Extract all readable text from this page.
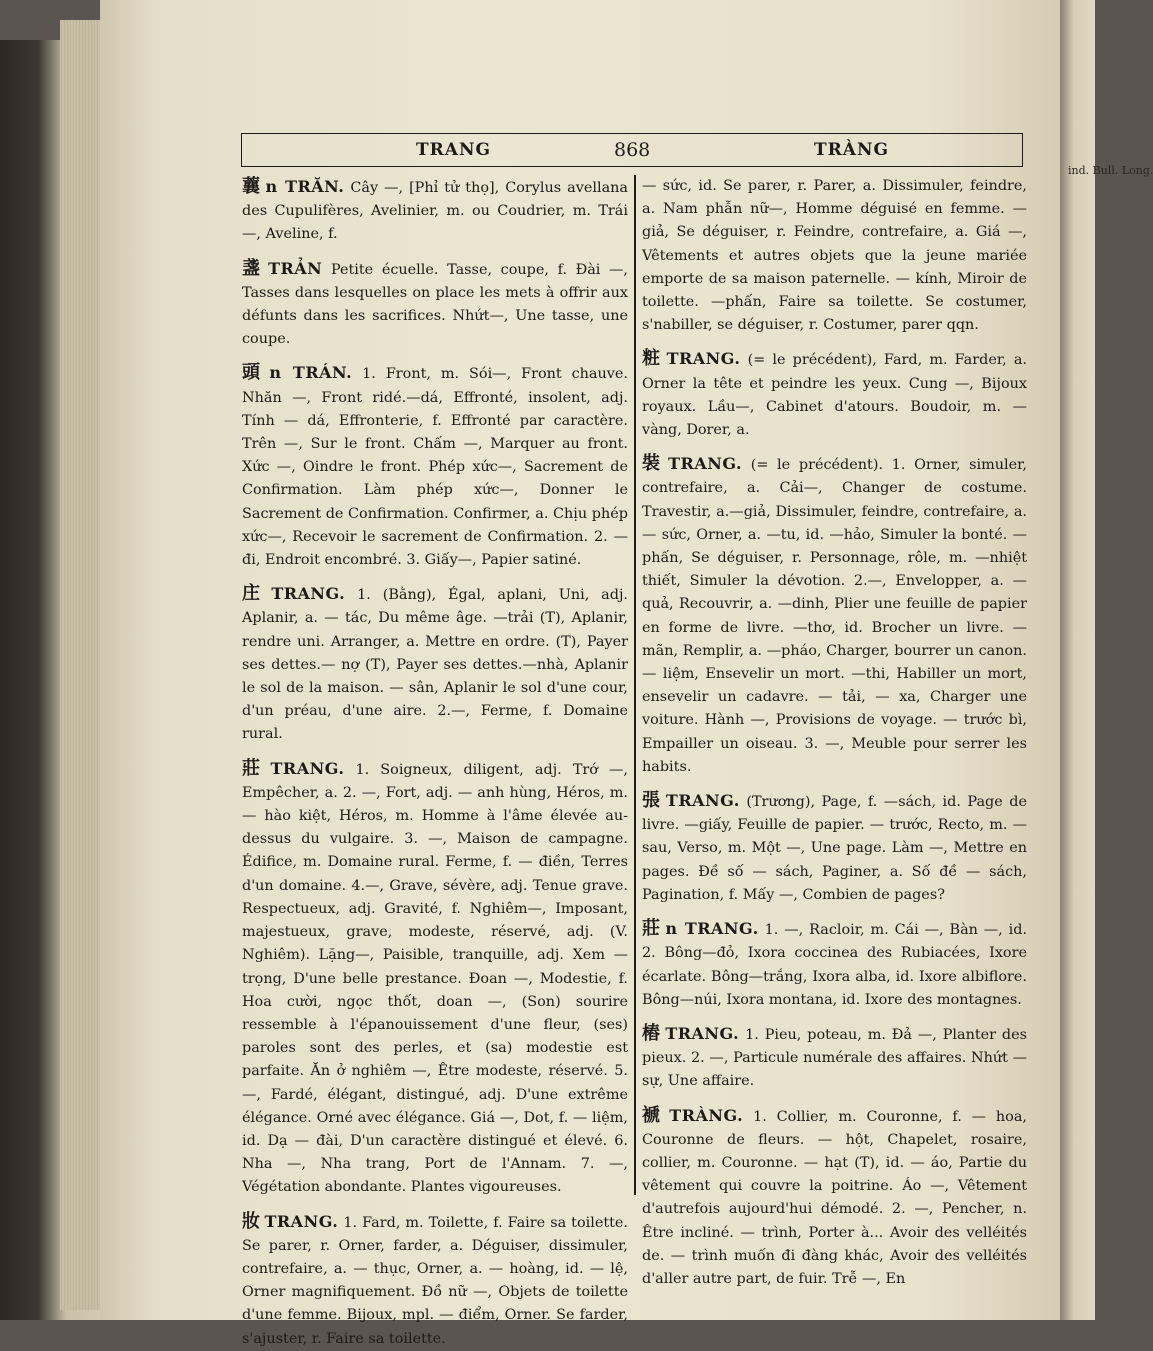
ind. Bull. Long.
TRANG	868	TRÀNG

蘘 n TRĂN. Cây —, [Phỉ tử thọ], Corylus avellana des Cupulifères, Avelinier, m. ou Coudrier, m. Trái —, Aveline, f.

盞 TRẢN Petite écuelle. Tasse, coupe, f. Đài —, Tasses dans lesquelles on place les mets à offrir aux défunts dans les sacrifices. Nhứt—, Une tasse, une coupe.

頭 n TRÁN. 1. Front, m. Sói—, Front chauve. Nhăn —, Front ridé.—dá, Effronté, insolent, adj. Tính — dá, Effronterie, f. Effronté par caractère. Trên —, Sur le front. Chấm —, Marquer au front. Xức —, Oindre le front. Phép xức—, Sacrement de Confirmation. Làm phép xức—, Donner le Sacrement de Confirmation. Confirmer, a. Chịu phép xức—, Recevoir le sacrement de Confirmation. 2. — đi, Endroit encombré. 3. Giấy—, Papier satiné.

庄 TRANG. 1. (Bằng), Égal, aplani, Uni, adj. Aplanir, a. — tác, Du même âge. —trải (T), Aplanir, rendre uni. Arranger, a. Mettre en ordre. (T), Payer ses dettes.— nợ (T), Payer ses dettes.—nhà, Aplanir le sol de la maison. — sân, Aplanir le sol d'une cour, d'un préau, d'une aire. 2.—, Ferme, f. Domaine rural.

莊 TRANG. 1. Soigneux, diligent, adj. Trớ —, Empêcher, a. 2. —, Fort, adj. — anh hùng, Héros, m. — hào kiệt, Héros, m. Homme à l'âme élevée au-dessus du vulgaire. 3. —, Maison de campagne. Édifice, m. Domaine rural. Ferme, f. — điền, Terres d'un domaine. 4.—, Grave, sévère, adj. Tenue grave. Respectueux, adj. Gravité, f. Nghiêm—, Imposant, majestueux, grave, modeste, réservé, adj. (V. Nghiêm). Lặng—, Paisible, tranquille, adj. Xem — trọng, D'une belle prestance. Đoan —, Modestie, f. Hoa cười, ngọc thốt, doan —, (Son) sourire ressemble à l'épanouissement d'une fleur, (ses) paroles sont des perles, et (sa) modestie est parfaite. Ăn ở nghiêm —, Être modeste, réservé. 5. —, Fardé, élégant, distingué, adj. D'une extrême élégance. Orné avec élégance. Giá —, Dot, f. — liệm, id. Dạ — đài, D'un caractère distingué et élevé. 6. Nha —, Nha trang, Port de l'Annam. 7. —, Végétation abondante. Plantes vigoureuses.

妝 TRANG. 1. Fard, m. Toilette, f. Faire sa toilette. Se parer, r. Orner, farder, a. Déguiser, dissimuler, contrefaire, a. — thục, Orner, a. — hoàng, id. — lệ, Orner magnifiquement. Đồ nữ —, Objets de toilette d'une femme. Bijoux, mpl. — điểm, Orner. Se farder, s'ajuster, r. Faire sa toilette.

— sức, id. Se parer, r. Parer, a. Dissimuler, feindre, a. Nam phẫn nữ—, Homme déguisé en femme. — giả, Se déguiser, r. Feindre, contrefaire, a. Giá —, Vêtements et autres objets que la jeune mariée emporte de sa maison paternelle. — kính, Miroir de toilette. —phấn, Faire sa toilette. Se costumer, s'nabiller, se déguiser, r. Costumer, parer qqn.

粧 TRANG. (= le précédent), Fard, m. Farder, a. Orner la tête et peindre les yeux. Cung —, Bijoux royaux. Lầu—, Cabinet d'atours. Boudoir, m. — vàng, Dorer, a.

裝 TRANG. (= le précédent). 1. Orner, simuler, contrefaire, a. Cải—, Changer de costume. Travestir, a.—giả, Dissimuler, feindre, contrefaire, a. — sức, Orner, a. —tu, id. —hảo, Simuler la bonté. — phấn, Se déguiser, r. Personnage, rôle, m. —nhiệt thiết, Simuler la dévotion. 2.—, Envelopper, a. — quả, Recouvrir, a. —dinh, Plier une feuille de papier en forme de livre. —thơ, id. Brocher un livre. — mãn, Remplir, a. —pháo, Charger, bourrer un canon. — liệm, Ensevelir un mort. —thi, Habiller un mort, ensevelir un cadavre. — tải, — xa, Charger une voiture. Hành —, Provisions de voyage. — trước bì, Empailler un oiseau. 3. —, Meuble pour serrer les habits.

張 TRANG. (Trương), Page, f. —sách, id. Page de livre. —giấy, Feuille de papier. — trước, Recto, m. — sau, Verso, m. Một —, Une page. Làm —, Mettre en pages. Đề số — sách, Paginer, a. Số đề — sách, Pagination, f. Mấy —, Combien de pages?

莊 n TRANG. 1. —, Racloir, m. Cái —, Bàn —, id. 2. Bông—đỏ, Ixora coccinea des Rubiacées, Ixore écarlate. Bông—trắng, Ixora alba, id. Ixore albiflore. Bông—núi, Ixora montana, id. Ixore des montagnes.

樁 TRANG. 1. Pieu, poteau, m. Đả —, Planter des pieux. 2. —, Particule numérale des affaires. Nhứt — sự, Une affaire.

褫 TRÀNG. 1. Collier, m. Couronne, f. — hoa, Couronne de fleurs. — hột, Chapelet, rosaire, collier, m. Couronne. — hạt (T), id. — áo, Partie du vêtement qui couvre la poitrine. Áo —, Vêtement d'autrefois aujourd'hui démodé. 2. —, Pencher, n. Être incliné. — trình, Porter à... Avoir des velléités de. — trình muốn đi đàng khác, Avoir des velléités d'aller autre part, de fuir. Trễ —, En
